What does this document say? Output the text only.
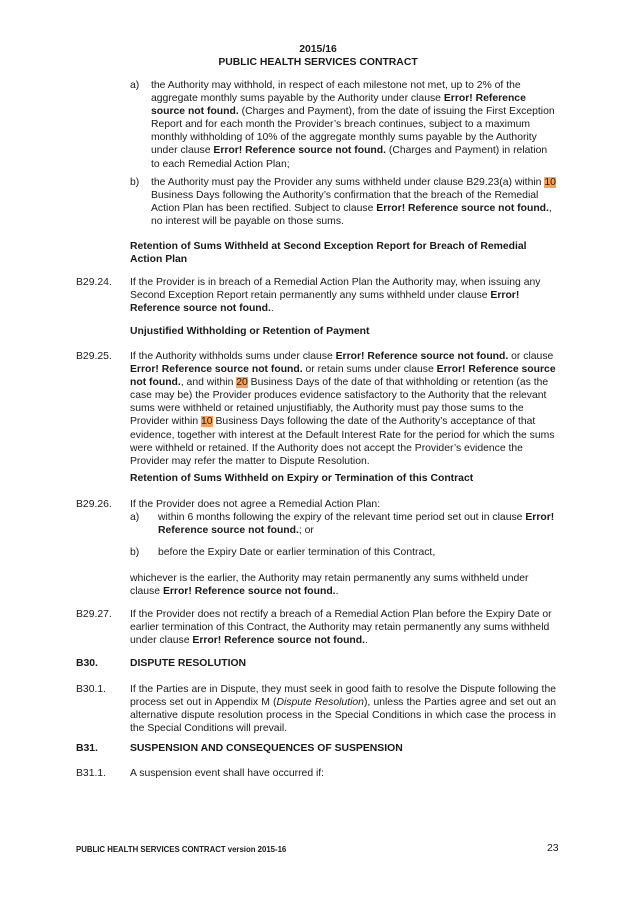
2015/16
PUBLIC HEALTH SERVICES CONTRACT
a) the Authority may withhold, in respect of each milestone not met, up to 2% of the aggregate monthly sums payable by the Authority under clause Error! Reference source not found. (Charges and Payment), from the date of issuing the First Exception Report and for each month the Provider’s breach continues, subject to a maximum monthly withholding of 10% of the aggregate monthly sums payable by the Authority under clause Error! Reference source not found. (Charges and Payment) in relation to each Remedial Action Plan;

b) the Authority must pay the Provider any sums withheld under clause B29.23(a) within 10 Business Days following the Authority’s confirmation that the breach of the Remedial Action Plan has been rectified. Subject to clause Error! Reference source not found., no interest will be payable on those sums.

Retention of Sums Withheld at Second Exception Report for Breach of Remedial Action Plan

B29.24. If the Provider is in breach of a Remedial Action Plan the Authority may, when issuing any Second Exception Report retain permanently any sums withheld under clause Error! Reference source not found..

Unjustified Withholding or Retention of Payment

B29.25. If the Authority withholds sums under clause Error! Reference source not found. or clause Error! Reference source not found. or retain sums under clause Error! Reference source not found., and within 20 Business Days of the date of that withholding or retention (as the case may be) the Provider produces evidence satisfactory to the Authority that the relevant sums were withheld or retained unjustifiably, the Authority must pay those sums to the Provider within 10 Business Days following the date of the Authority’s acceptance of that evidence, together with interest at the Default Interest Rate for the period for which the sums were withheld or retained. If the Authority does not accept the Provider’s evidence the Provider may refer the matter to Dispute Resolution.

Retention of Sums Withheld on Expiry or Termination of this Contract

B29.26. If the Provider does not agree a Remedial Action Plan:

a) within 6 months following the expiry of the relevant time period set out in clause Error! Reference source not found.; or

b) before the Expiry Date or earlier termination of this Contract,

whichever is the earlier, the Authority may retain permanently any sums withheld under clause Error! Reference source not found..

B29.27. If the Provider does not rectify a breach of a Remedial Action Plan before the Expiry Date or earlier termination of this Contract, the Authority may retain permanently any sums withheld under clause Error! Reference source not found..

B30.	DISPUTE RESOLUTION
B30.1. If the Parties are in Dispute, they must seek in good faith to resolve the Dispute following the process set out in Appendix M (Dispute Resolution), unless the Parties agree and set out an alternative dispute resolution process in the Special Conditions in which case the process in the Special Conditions will prevail.

B31.	SUSPENSION AND CONSEQUENCES OF SUSPENSION
B31.1. A suspension event shall have occurred if:

PUBLIC HEALTH SERVICES CONTRACT version 2015-16	23
